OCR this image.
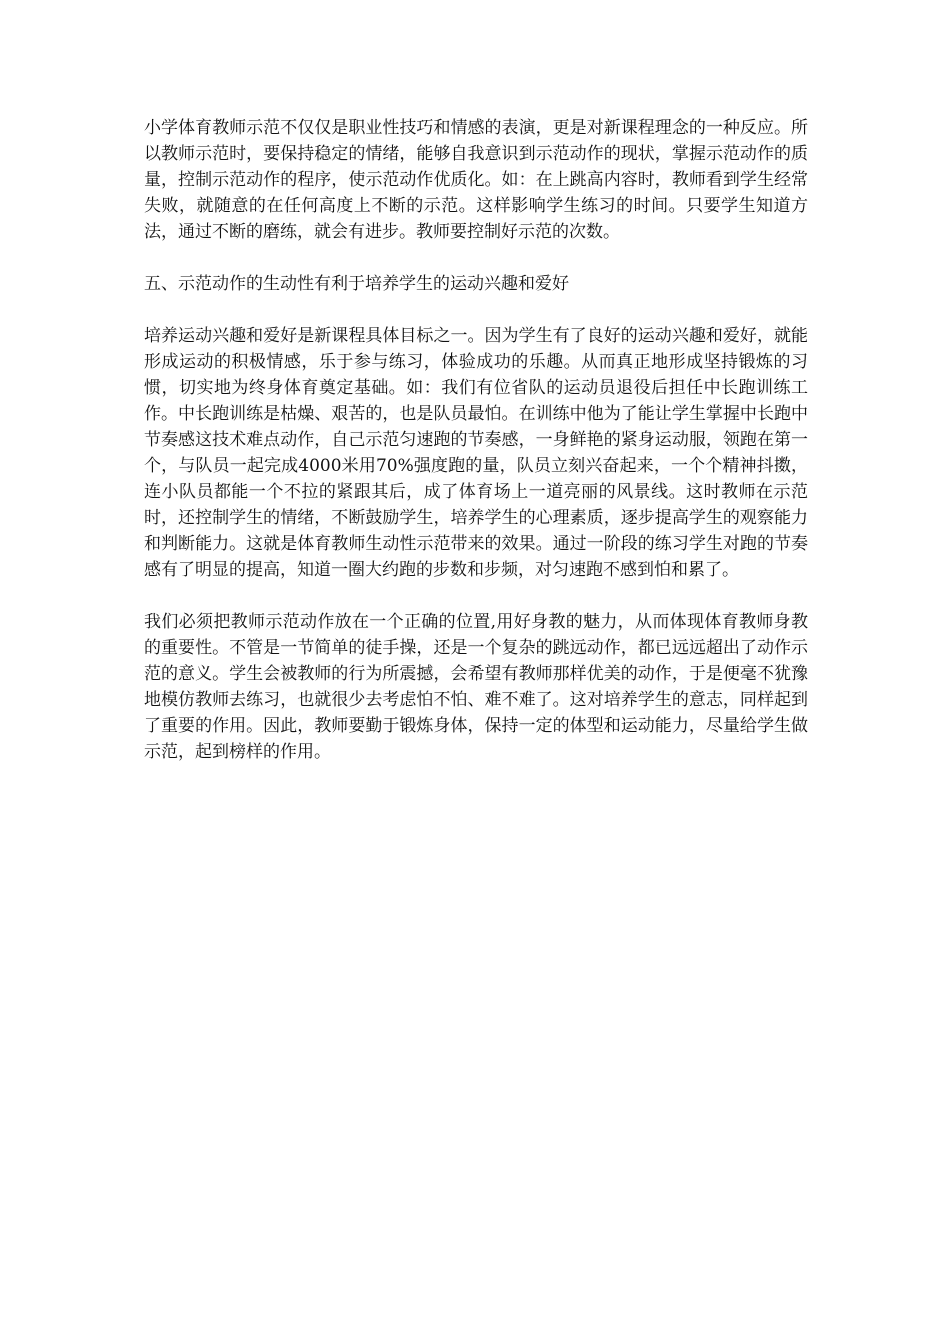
小学体育教师示范不仅仅是职业性技巧和情感的表演，更是对新课程理念的一种反应。所以教师示范时，要保持稳定的情绪，能够自我意识到示范动作的现状，掌握示范动作的质量，控制示范动作的程序，使示范动作优质化。如：在上跳高内容时，教师看到学生经常失败，就随意的在任何高度上不断的示范。这样影响学生练习的时间。只要学生知道方法，通过不断的磨练，就会有进步。教师要控制好示范的次数。

五、示范动作的生动性有利于培养学生的运动兴趣和爱好

培养运动兴趣和爱好是新课程具体目标之一。因为学生有了良好的运动兴趣和爱好，就能形成运动的积极情感，乐于参与练习，体验成功的乐趣。从而真正地形成坚持锻炼的习惯，切实地为终身体育奠定基础。如：我们有位省队的运动员退役后担任中长跑训练工作。中长跑训练是枯燥、艰苦的，也是队员最怕。在训练中他为了能让学生掌握中长跑中节奏感这技术难点动作，自己示范匀速跑的节奏感，一身鲜艳的紧身运动服，领跑在第一个，与队员一起完成4000米用70%强度跑的量，队员立刻兴奋起来，一个个精神抖擞，连小队员都能一个不拉的紧跟其后，成了体育场上一道亮丽的风景线。这时教师在示范时，还控制学生的情绪，不断鼓励学生，培养学生的心理素质，逐步提高学生的观察能力和判断能力。这就是体育教师生动性示范带来的效果。通过一阶段的练习学生对跑的节奏感有了明显的提高，知道一圈大约跑的步数和步频，对匀速跑不感到怕和累了。

我们必须把教师示范动作放在一个正确的位置,用好身教的魅力，从而体现体育教师身教的重要性。不管是一节简单的徒手操，还是一个复杂的跳远动作，都已远远超出了动作示范的意义。学生会被教师的行为所震撼，会希望有教师那样优美的动作，于是便毫不犹豫地模仿教师去练习，也就很少去考虑怕不怕、难不难了。这对培养学生的意志，同样起到了重要的作用。因此，教师要勤于锻炼身体，保持一定的体型和运动能力，尽量给学生做示范，起到榜样的作用。
